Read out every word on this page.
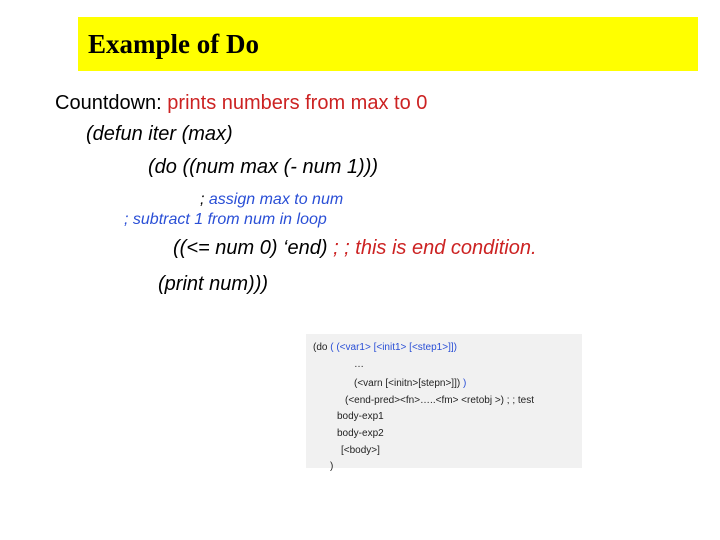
Example of Do
Countdown: prints numbers from max to 0
(defun iter (max)
(do ((num max (- num 1)))
; assign max to num
; subtract 1 from num in loop
((<= num 0) ‘end) ; ; this is end condition.
(print num)))
(do ( (<var1> [<init1> [<step1>]])
…
(<varn [<initn>[stepn>]]) )
(<end-pred><fn>…..<fm> <retobj >) ; ; test
body-exp1
body-exp2
[<body>]
)
